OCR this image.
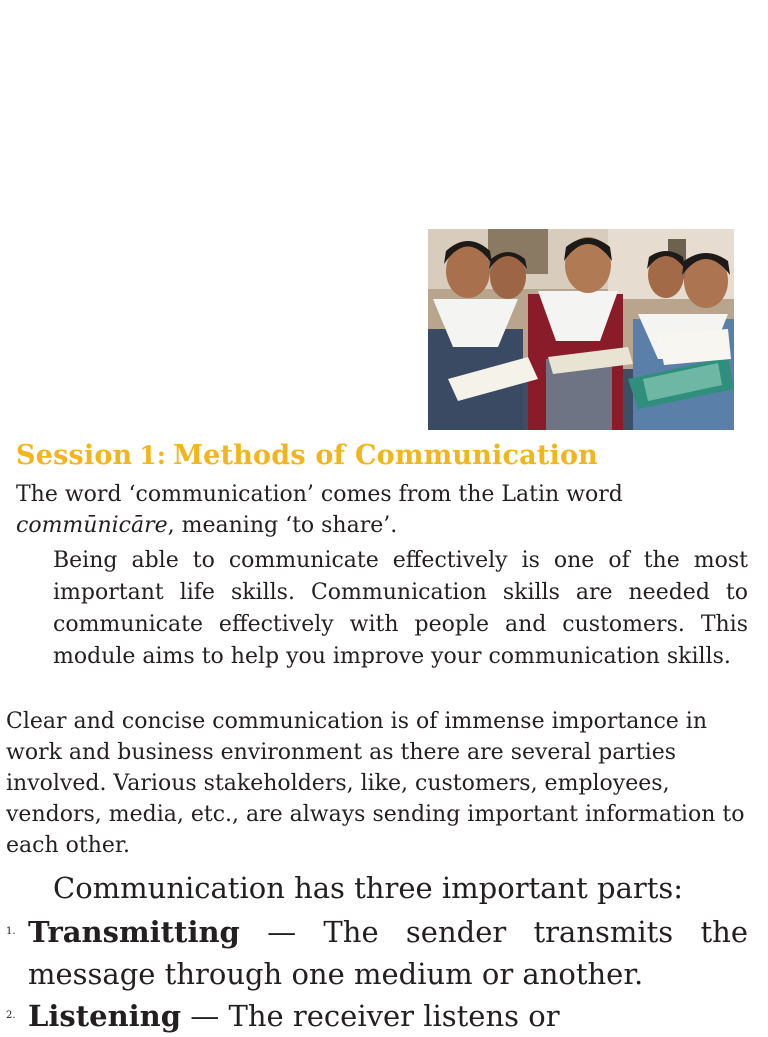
Session 1: Methods of Communication

The word ‘communication’ comes from the Latin word commūnicāre, meaning ‘to share’.

Being able to communicate effectively is one of the most important life skills. Communication skills are needed to communicate effectively with people and customers. This module aims to help you improve your communication skills.

Clear and concise communication is of immense importance in work and business environment as there are several parties involved. Various stakeholders, like, customers, employees, vendors, media, etc., are always sending important information to each other.

Communication has three important parts:

1. Transmitting — The sender transmits the message through one medium or another.
2. Listening — The receiver listens or
